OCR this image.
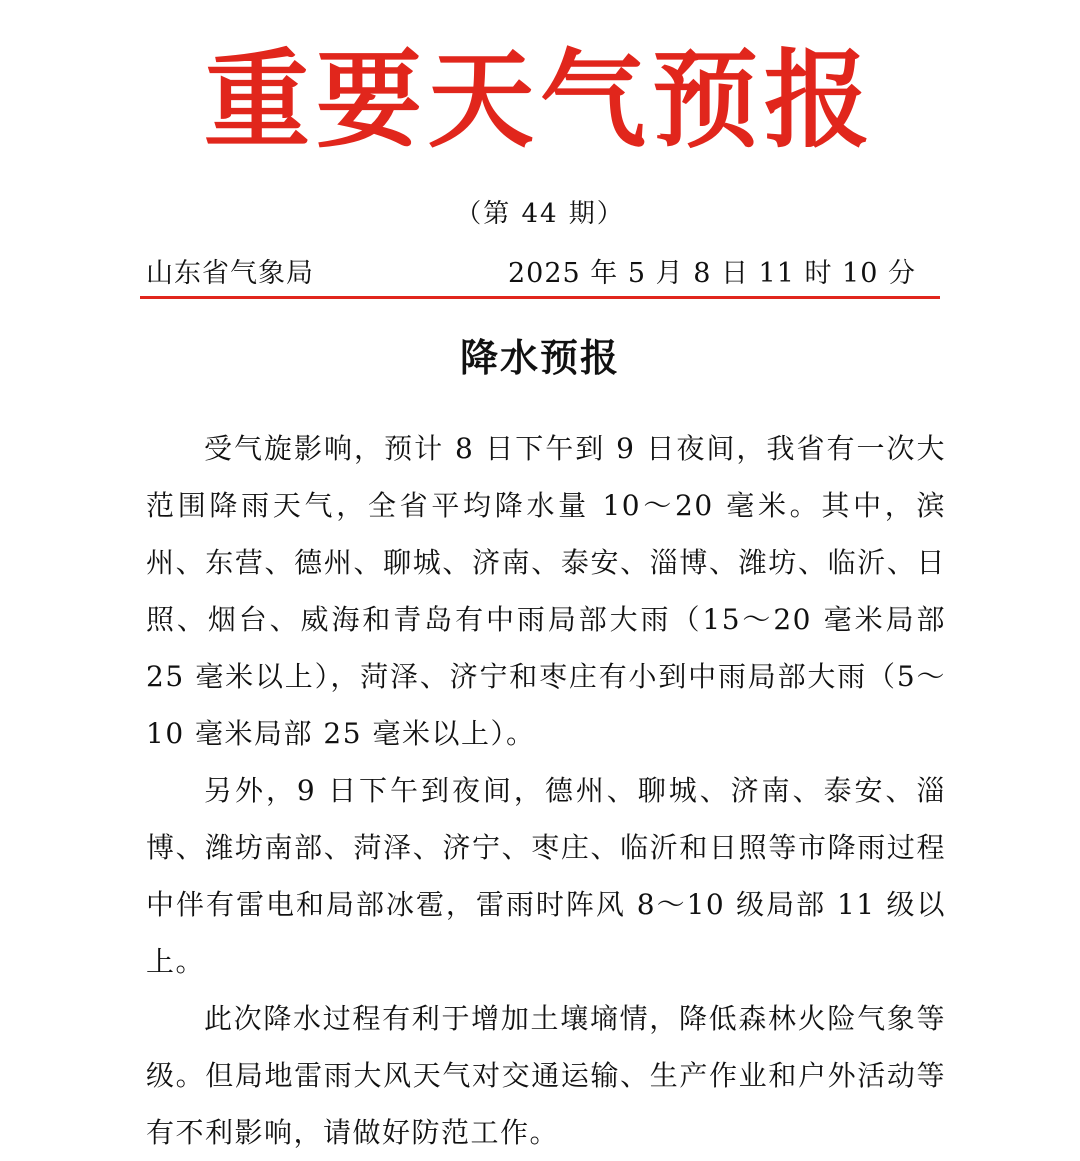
重要天气预报
（第 44 期）
山东省气象局	2025 年 5 月 8 日 11 时 10 分
降水预报

受气旋影响，预计 8 日下午到 9 日夜间，我省有一次大范围降雨天气，全省平均降水量 10～20 毫米。其中，滨州、东营、德州、聊城、济南、泰安、淄博、潍坊、临沂、日照、烟台、威海和青岛有中雨局部大雨（15～20 毫米局部 25 毫米以上），菏泽、济宁和枣庄有小到中雨局部大雨（5～10 毫米局部 25 毫米以上）。

另外，9 日下午到夜间，德州、聊城、济南、泰安、淄博、潍坊南部、菏泽、济宁、枣庄、临沂和日照等市降雨过程中伴有雷电和局部冰雹，雷雨时阵风 8～10 级局部 11 级以上。

此次降水过程有利于增加土壤墒情，降低森林火险气象等级。但局地雷雨大风天气对交通运输、生产作业和户外活动等有不利影响，请做好防范工作。
